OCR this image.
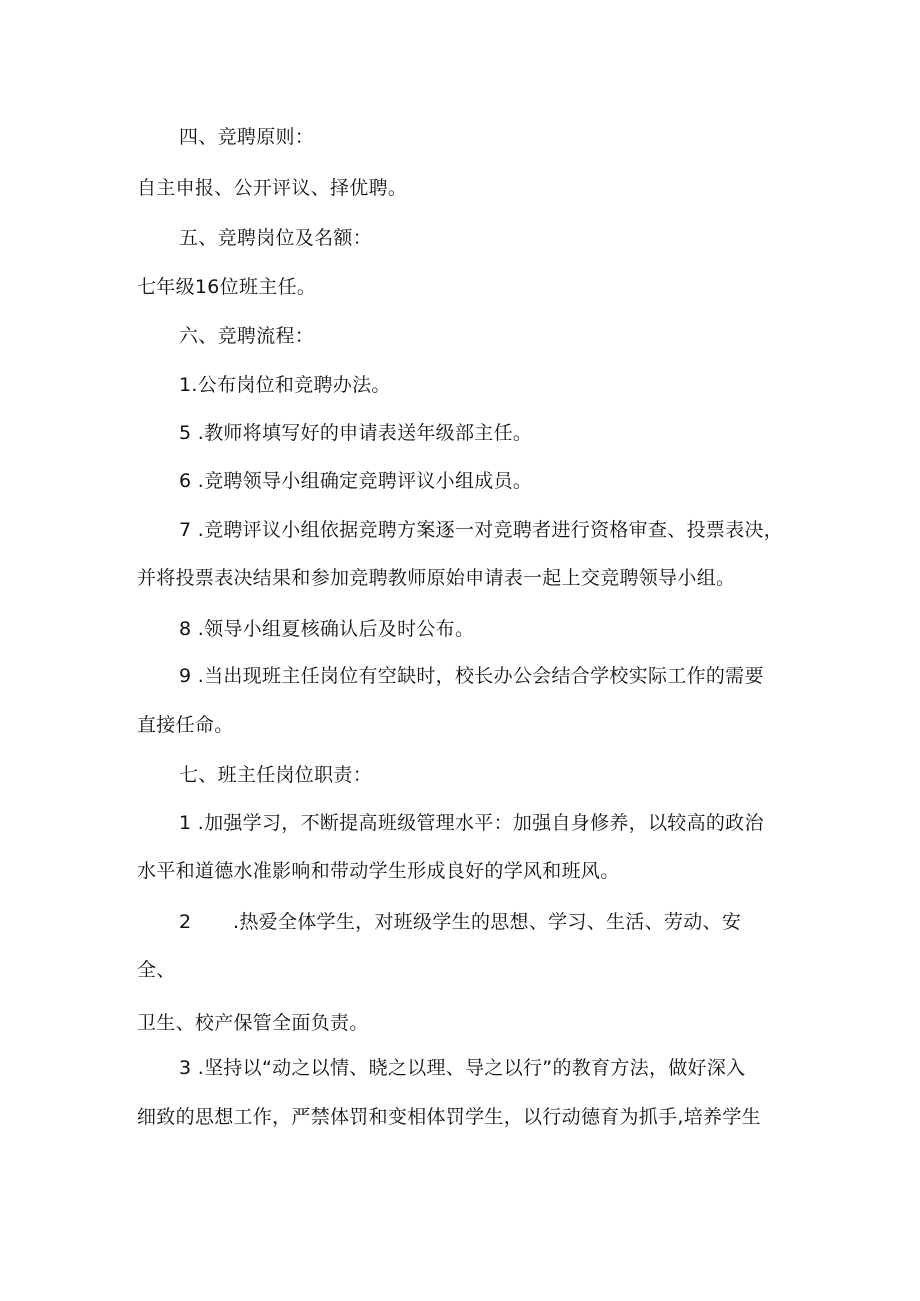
四、竞聘原则：
自主申报、公开评议、择优聘。
五、竞聘岗位及名额：
七年级16位班主任。
六、竞聘流程：
1.公布岗位和竞聘办法。
5 .教师将填写好的申请表送年级部主任。
6 .竞聘领导小组确定竞聘评议小组成员。
7 .竞聘评议小组依据竞聘方案逐一对竞聘者进行资格审查、投票表决，
并将投票表决结果和参加竞聘教师原始申请表一起上交竞聘领导小组。
8 .领导小组夏核确认后及时公布。
9 .当出现班主任岗位有空缺时，校长办公会结合学校实际工作的需要
直接任命。
七、班主任岗位职责：
1 .加强学习，不断提高班级管理水平：加强自身修养，以较高的政治
水平和道德水准影响和带动学生形成良好的学风和班风。
2 .热爱全体学生，对班级学生的思想、学习、生活、劳动、安
全、
卫生、校产保管全面负责。
3 .坚持以“动之以情、晓之以理、导之以行”的教育方法，做好深入
细致的思想工作，严禁体罚和变相体罚学生，以行动德育为抓手,培养学生
